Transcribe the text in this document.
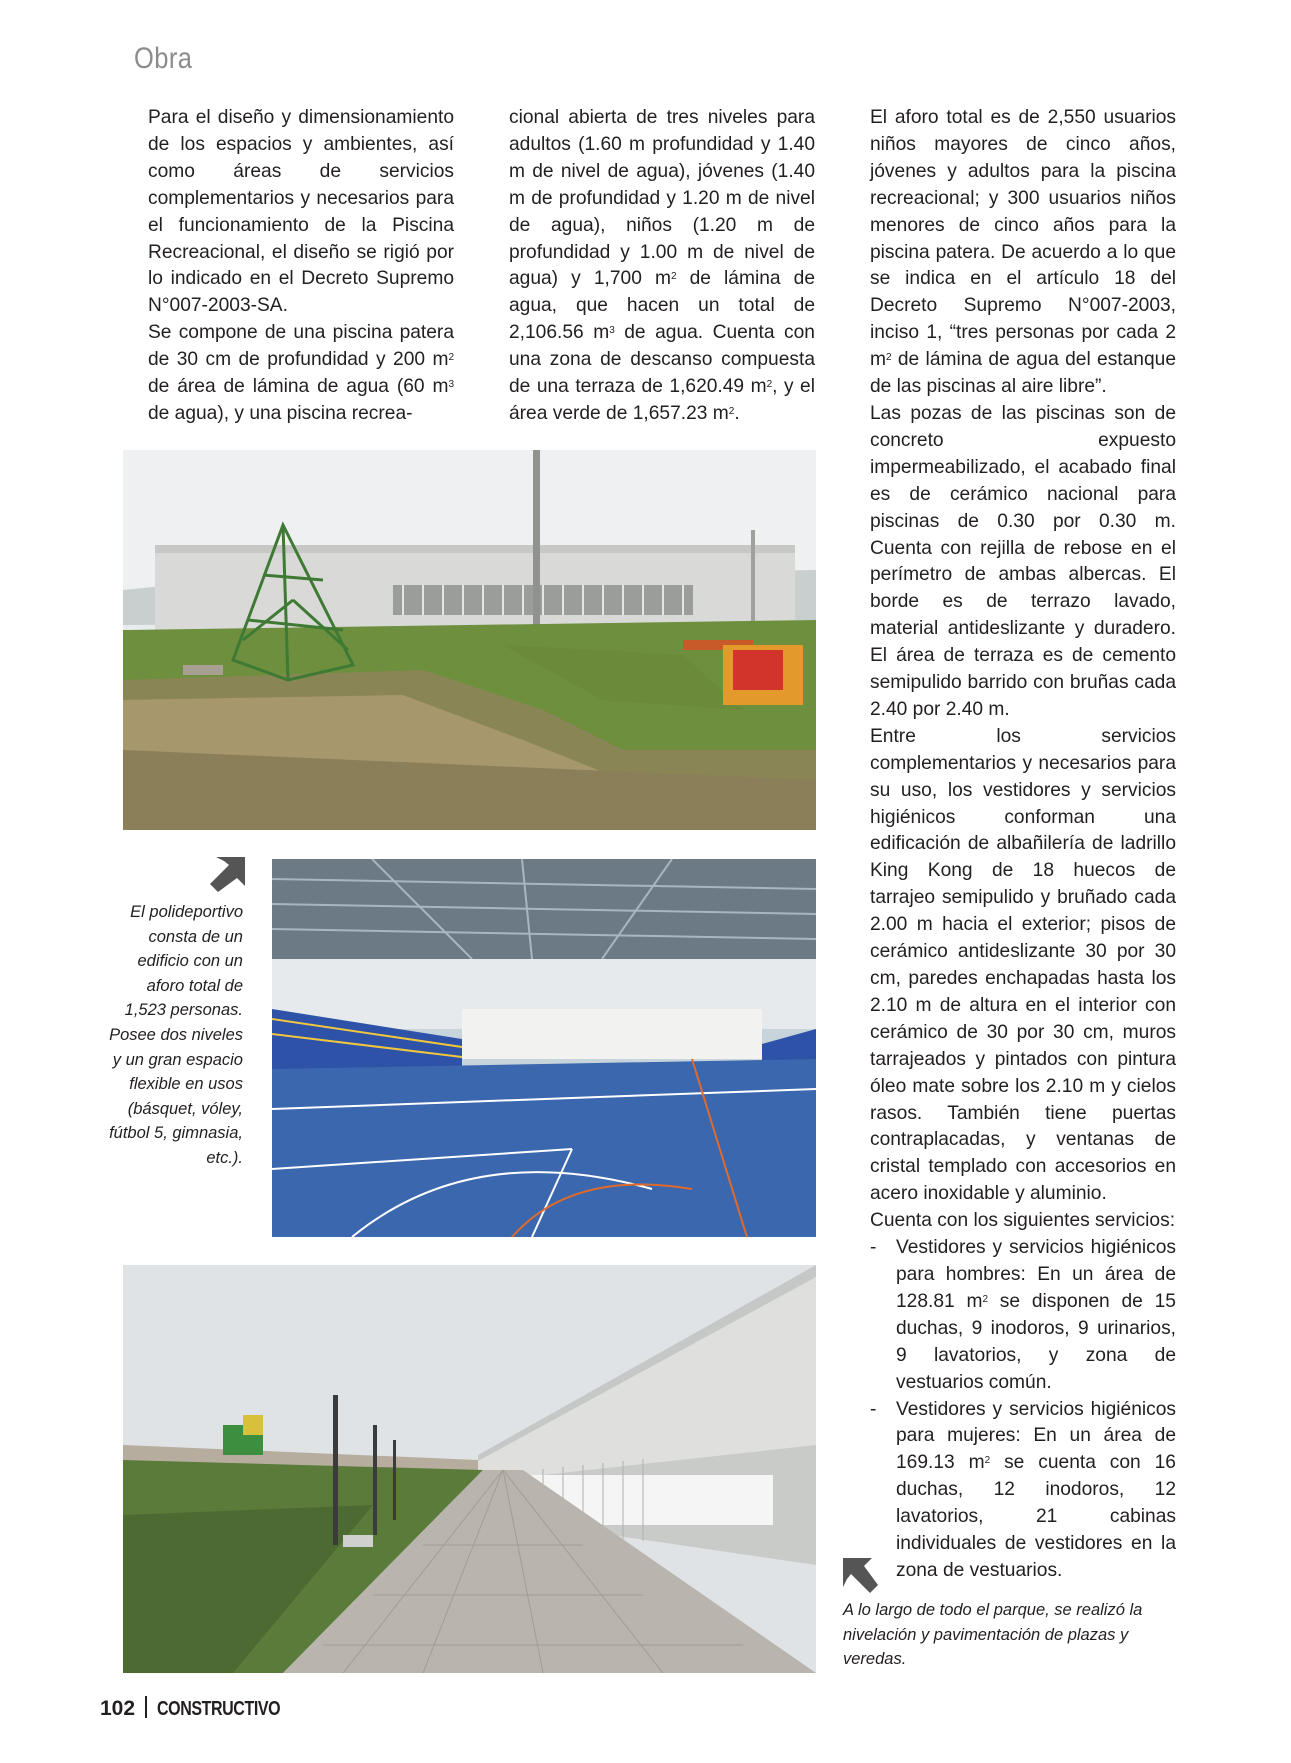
Obra

Para el diseño y dimensionamiento de los espacios y ambientes, así como áreas de servicios complementarios y necesarios para el funcionamiento de la Piscina Recreacional, el diseño se rigió por lo indicado en el Decreto Supremo N°007-2003-SA.

Se compone de una piscina patera de 30 cm de profundidad y 200 $m^2$ de área de lámina de agua (60 $m^3$ de agua), y una piscina recrea-

cional abierta de tres niveles para adultos (1.60 m profundidad y 1.40 m de nivel de agua), jóvenes (1.40 m de profundidad y 1.20 m de nivel de agua), niños (1.20 m de profundidad y 1.00 m de nivel de agua) y 1,700 $m^2$ de lámina de agua, que hacen un total de 2,106.56 $m^3$ de agua. Cuenta con una zona de descanso compuesta de una terraza de 1,620.49 $m^2$, y el área verde de 1,657.23 $m^2$.

El aforo total es de 2,550 usuarios niños mayores de cinco años, jóvenes y adultos para la piscina recreacional; y 300 usuarios niños menores de cinco años para la piscina patera. De acuerdo a lo que se indica en el artículo 18 del Decreto Supremo N°007-2003, inciso 1, “tres personas por cada 2 $m^2$ de lámina de agua del estanque de las piscinas al aire libre”.

Las pozas de las piscinas son de concreto expuesto impermeabilizado, el acabado final es de cerámico nacional para piscinas de 0.30 por 0.30 m. Cuenta con rejilla de rebose en el perímetro de ambas albercas. El borde es de terrazo lavado, material antideslizante y duradero. El área de terraza es de cemento semipulido barrido con bruñas cada 2.40 por 2.40 m.

Entre los servicios complementarios y necesarios para su uso, los vestidores y servicios higiénicos conforman una edificación de albañilería de ladrillo King Kong de 18 huecos de tarrajeo semipulido y bruñado cada 2.00 m hacia el exterior; pisos de cerámico antideslizante 30 por 30 cm, paredes enchapadas hasta los 2.10 m de altura en el interior con cerámico de 30 por 30 cm, muros tarrajeados y pintados con pintura óleo mate sobre los 2.10 m y cielos rasos. También tiene puertas contraplacadas, y ventanas de cristal templado con accesorios en acero inoxidable y aluminio.

Cuenta con los siguientes servicios:

- Vestidores y servicios higiénicos para hombres: En un área de 128.81 $m^2$ se disponen de 15 duchas, 9 inodoros, 9 urinarios, 9 lavatorios, y zona de vestuarios común.
- Vestidores y servicios higiénicos para mujeres: En un área de 169.13 $m^2$ se cuenta con 16 duchas, 12 inodoros, 12 lavatorios, 21 cabinas individuales de vestidores en la zona de vestuarios.
El polideportivo consta de un edificio con un aforo total de 1,523 personas. Posee dos niveles y un gran espacio flexible en usos (básquet, vóley, fútbol 5, gimnasia, etc.).
A lo largo de todo el parque, se realizó la nivelación y pavimentación de plazas y veredas.
102 CONSTRUCTIVO
